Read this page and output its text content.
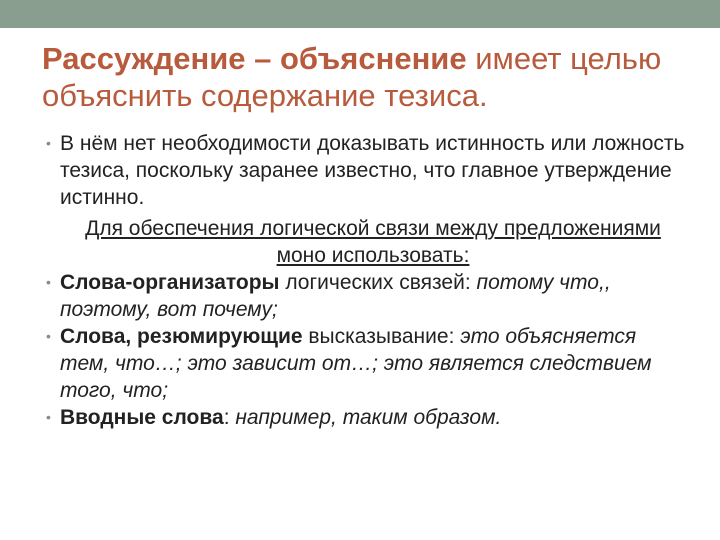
Рассуждение – объяснение имеет целью объяснить содержание тезиса.
• В нём нет необходимости доказывать истинность или ложность тезиса, поскольку заранее известно, что главное утверждение истинно.
Для обеспечения логической связи между предложениями моно использовать:
• Слова-организаторы логических связей: потому что,, поэтому, вот почему;
• Слова, резюмирующие высказывание: это объясняется тем, что…; это зависит от…; это является следствием того, что;
• Вводные слова: например, таким образом.
